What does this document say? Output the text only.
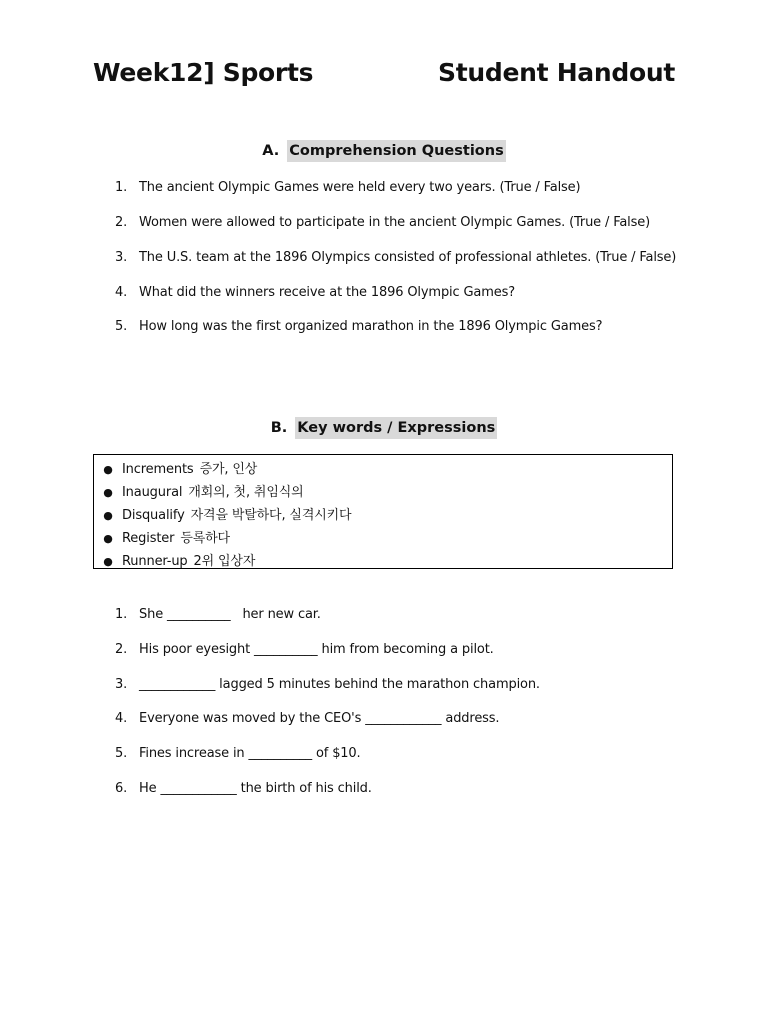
Week12] Sports	Student Handout
A. Comprehension Questions
1. The ancient Olympic Games were held every two years. (True / False)
2. Women were allowed to participate in the ancient Olympic Games. (True / False)
3. The U.S. team at the 1896 Olympics consisted of professional athletes. (True / False)
4. What did the winners receive at the 1896 Olympic Games?
5. How long was the first organized marathon in the 1896 Olympic Games?
B. Key words / Expressions
● Increments 증가, 인상
● Inaugural 개회의, 첫, 취임식의
● Disqualify 자격을 박탈하다, 실격시키다
● Register 등록하다
● Runner-up 2위 입상자
1. She __________   her new car.
2. His poor eyesight __________ him from becoming a pilot.
3. ____________ lagged 5 minutes behind the marathon champion.
4. Everyone was moved by the CEO's ____________ address.
5. Fines increase in __________ of $10.
6. He ____________ the birth of his child.
